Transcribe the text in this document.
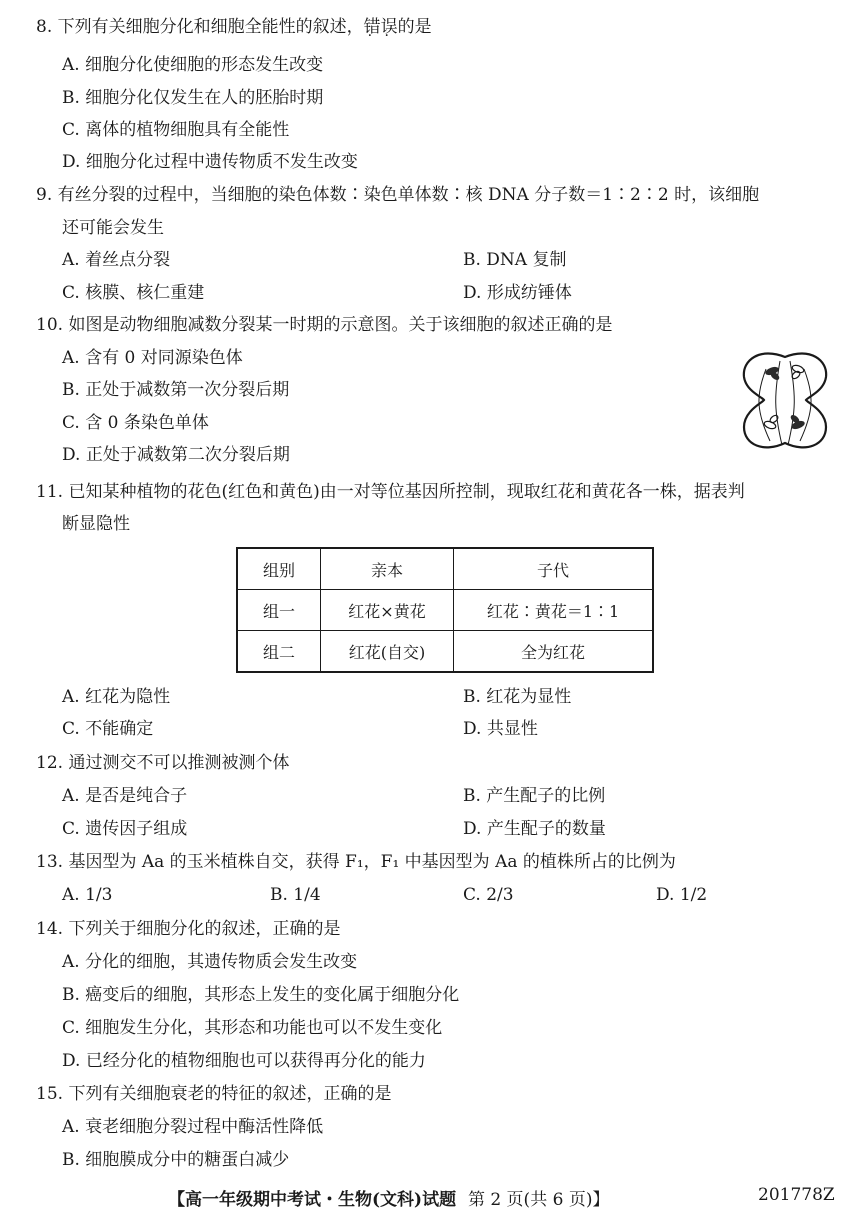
8. 下列有关细胞分化和细胞全能性的叙述，错误 · ·的是
A. 细胞分化使细胞的形态发生改变
B. 细胞分化仅发生在人的胚胎时期
C. 离体的植物细胞具有全能性
D. 细胞分化过程中遗传物质不发生改变
9. 有丝分裂的过程中，当细胞的染色体数∶染色单体数∶核 DNA 分子数＝1∶2∶2 时，该细胞
还可能会发生
A. 着丝点分裂	B. DNA 复制
C. 核膜、核仁重建	D. 形成纺锤体
10. 如图是动物细胞减数分裂某一时期的示意图。关于该细胞的叙述正确的是
A. 含有 0 对同源染色体
B. 正处于减数第一次分裂后期
C. 含 0 条染色单体
D. 正处于减数第二次分裂后期
11. 已知某种植物的花色(红色和黄色)由一对等位基因所控制，现取红花和黄花各一株，据表判
断显隐性
组别	亲本	子代
组一	红花×黄花	红花∶黄花＝1∶1
组二	红花(自交)	全为红花
A. 红花为隐性	B. 红花为显性
C. 不能确定	D. 共显性
12. 通过测交不可以推测被测个体
A. 是否是纯合子	B. 产生配子的比例
C. 遗传因子组成	D. 产生配子的数量
13. 基因型为 Aa 的玉米植株自交，获得 F₁，F₁ 中基因型为 Aa 的植株所占的比例为
A. 1/3	B. 1/4	C. 2/3	D. 1/2
14. 下列关于细胞分化的叙述，正确的是
A. 分化的细胞，其遗传物质会发生改变
B. 癌变后的细胞，其形态上发生的变化属于细胞分化
C. 细胞发生分化，其形态和功能也可以不发生变化
D. 已经分化的植物细胞也可以获得再分化的能力
15. 下列有关细胞衰老的特征的叙述，正确的是
A. 衰老细胞分裂过程中酶活性降低
B. 细胞膜成分中的糖蛋白减少
【高一年级期中考试・生物(文科)试题 第 2 页(共 6 页)】	201778Z
